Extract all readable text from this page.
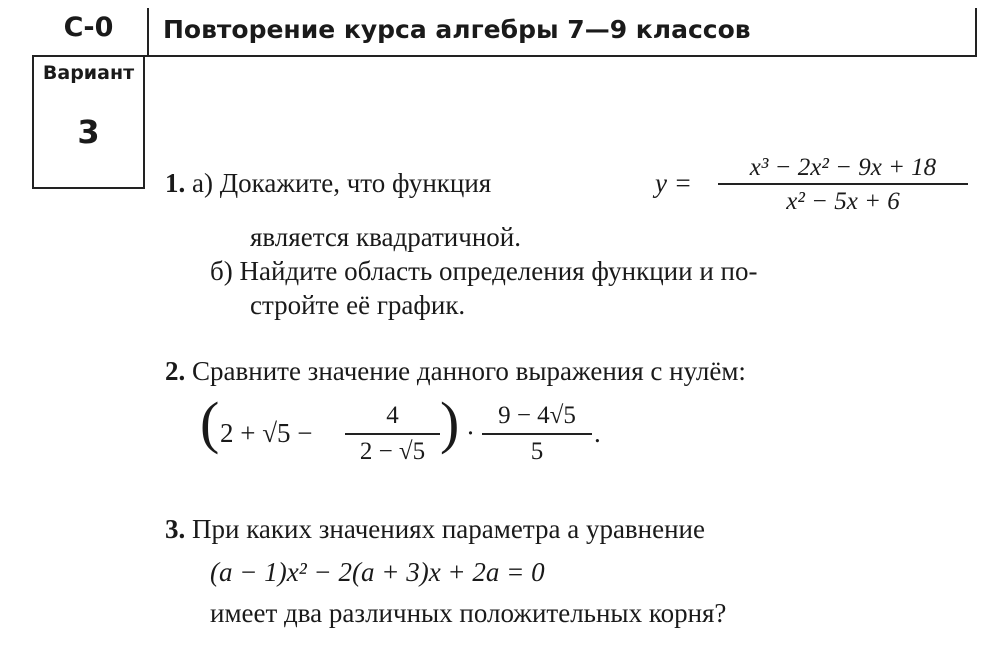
С-0	Повторение курса алгебры 7—9 классов
Вариант
3
1. а) Докажите, что функция	y =
x³ − 2x² − 9x + 18
x² − 5x + 6
является квадратичной.
б) Найдите область определения функции и по-
стройте её график.
2. Сравните значение данного выражения с нулём:
( 2 + √5 −
4
2 − √5 ) ·
9 − 4√5
5
.
3. При каких значениях параметра a уравнение
(a − 1)x² − 2(a + 3)x + 2a = 0
имеет два различных положительных корня?
